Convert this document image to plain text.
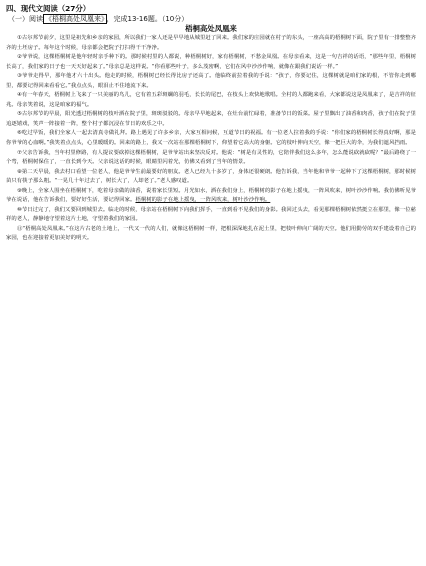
四、现代文阅读（27分）

（一）阅读 《梧桐高处凤凰来》 ，完成13-16题。（10分）

梧桐高处凤凰来

①古尔邦节前夕，这里是祖先和乡亲的家园，所以我们一家人还是早早地从城里赶了回来。我们家的庄园就在村子的东头，一座高高的梧桐树下面，院子里有一排整整齐齐的土坯房子。每年这个时候，母亲都会把院子打扫得干干净净。

②爷爷说，这棵梧桐树是他年轻时亲手种下的。那时候村里的人都说，种梧桐树好，家有梧桐树，不愁金凤凰。在母亲看来，这是一句吉祥的话语，“那些年里，梧桐树长高了，我们家的日子也一天天好起来了。”母亲总是这样说。“你看那些叶子，多么茂密啊，它们在风中沙沙作响，就像在跟我们说话一样。”

③爷爷走得早，那年他才六十出头。他走的时候，梧桐树已经长得比房子还高了。他临终前拉着我的手说：“孩子，你要记住，这棵树就是咱们家的根，不管你走到哪里，都要记得回来看看它。”我点点头，眼泪止不住地流下来。

④有一年春天，梧桐树上飞来了一只美丽的鸟儿，它有着五彩斑斓的羽毛，长长的尾巴，在枝头上欢快地歌唱。全村的人都跑来看，大家都说这是凤凰来了，是吉祥的征兆。母亲笑着说，这是咱家的福气。

⑤古尔邦节的早晨，阳光透过梧桐树的枝叶洒在院子里，斑斑驳驳的。母亲早早地起来，在灶台前忙碌着，准备节日的饭菜。屋子里飘出了油香和肉香，孩子们在院子里追逐嬉戏，笑声一阵接着一阵，整个村子都沉浸在节日的欢乐之中。

⑥吃过早饭，我们全家人一起去清真寺做礼拜。路上遇见了许多乡亲，大家互相问候，互道节日的祝福。有一位老人拉着我的手说：“你们家的梧桐树长得真好啊，那是你爷爷的心血啊。”我笑着点点头，心里暖暖的。回来的路上，我又一次站在那棵梧桐树下，仰望着它高大的身躯。它的枝叶伸向天空，像一把巨大的伞，为我们遮风挡雨。

⑦父亲告诉我，当年村里修路，有人提议要砍掉这棵梧桐树，是爷爷站出来坚决反对。他说：“树是有灵性的，它陪伴我们这么多年，怎么能说砍就砍呢？”最后路绕了一个弯，梧桐树保住了，一直长到今天。父亲说这话的时候，眼睛里闪着光，仿佛又看到了当年的情景。

⑧第二天早晨，我去村口看望一位老人，他是爷爷生前最要好的朋友。老人已经九十多岁了，身体还很硬朗。他告诉我，当年他和爷爷一起种下了这棵梧桐树，那时候树苗只有筷子那么粗。“一晃几十年过去了，树长大了，人却老了。”老人感叹道。

⑨晚上，全家人围坐在梧桐树下，吃着母亲做的油香，说着家长里短。月光如水，洒在我们身上，梧桐树的影子在地上摇曳，一阵风吹来，树叶沙沙作响。我仿佛听见爷爷在说话，他在告诉我们，要好好生活，要记得回家。梧桐树的影子在地上摇曳，一阵风吹来，树叶沙沙作响。

⑩节日过完了，我们又要回到城里去。临走的时候，母亲站在梧桐树下向我们挥手，一直到看不见我们的身影。我回过头去，看见那棵梧桐树依然挺立在那里，像一位慈祥的老人，静静地守望着这片土地，守望着我们的家园。

⑪“梧桐高处凤凰来。”在这片古老的土地上，一代又一代的人们，就像这梧桐树一样，把根深深地扎在泥土里，把枝叶伸向广阔的天空。他们用勤劳的双手建设着自己的家园，也在迎接着更加美好的明天。
